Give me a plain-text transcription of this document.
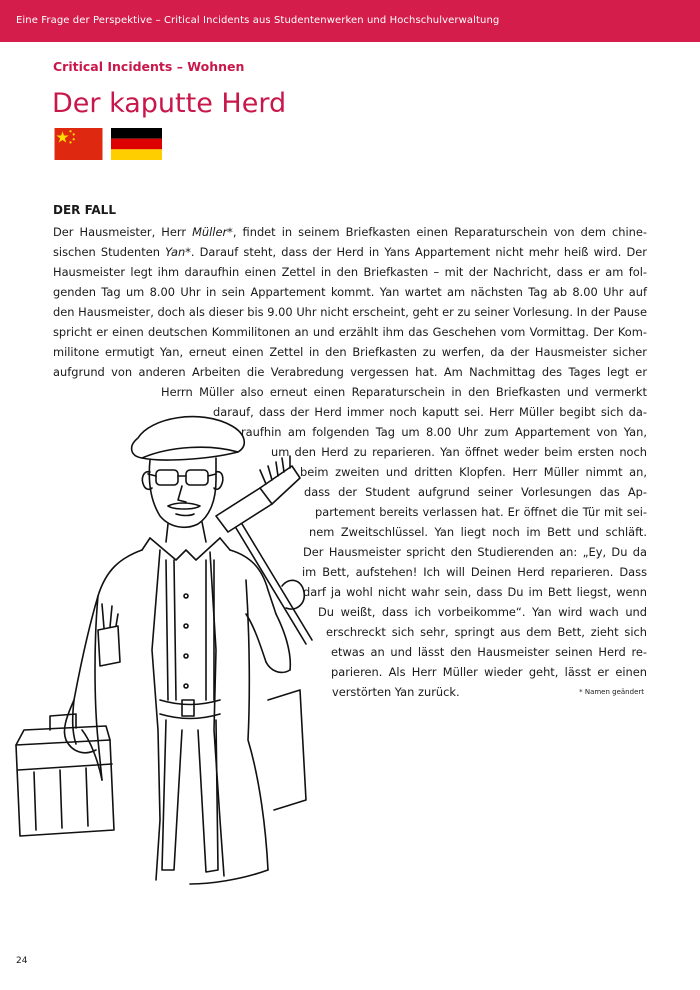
Eine Frage der Perspektive – Critical Incidents aus Studentenwerken und Hochschulverwaltung
Critical Incidents – Wohnen
Der kaputte Herd
DER FALL
Der Hausmeister, Herr Müller*, findet in seinem Briefkasten einen Reparaturschein von dem chine-
sischen Studenten Yan*. Darauf steht, dass der Herd in Yans Appartement nicht mehr heiß wird. Der
Hausmeister legt ihm daraufhin einen Zettel in den Briefkasten – mit der Nachricht, dass er am fol-
genden Tag um 8.00 Uhr in sein Appartement kommt. Yan wartet am nächsten Tag ab 8.00 Uhr auf
den Hausmeister, doch als dieser bis 9.00 Uhr nicht erscheint, geht er zu seiner Vorlesung. In der Pause
spricht er einen deutschen Kommilitonen an und erzählt ihm das Geschehen vom Vormittag. Der Kom-
militone ermutigt Yan, erneut einen Zettel in den Briefkasten zu werfen, da der Hausmeister sicher
aufgrund von anderen Arbeiten die Verabredung vergessen hat. Am Nachmittag des Tages legt er
Herrn Müller also erneut einen Reparaturschein in den Briefkasten und vermerkt
darauf, dass der Herd immer noch kaputt sei. Herr Müller begibt sich da-
raufhin am folgenden Tag um 8.00 Uhr zum Appartement von Yan,
um den Herd zu reparieren. Yan öffnet weder beim ersten noch
beim zweiten und dritten Klopfen. Herr Müller nimmt an,
dass der Student aufgrund seiner Vorlesungen das Ap-
partement bereits verlassen hat. Er öffnet die Tür mit sei-
nem Zweitschlüssel. Yan liegt noch im Bett und schläft.
Der Hausmeister spricht den Studierenden an: „Ey, Du da
im Bett, aufstehen! Ich will Deinen Herd reparieren. Dass
darf ja wohl nicht wahr sein, dass Du im Bett liegst, wenn
Du weißt, dass ich vorbeikomme“. Yan wird wach und
erschreckt sich sehr, springt aus dem Bett, zieht sich
etwas an und lässt den Hausmeister seinen Herd re-
parieren. Als Herr Müller wieder geht, lässt er einen
verstörten Yan zurück.	* Namen geändert
24
